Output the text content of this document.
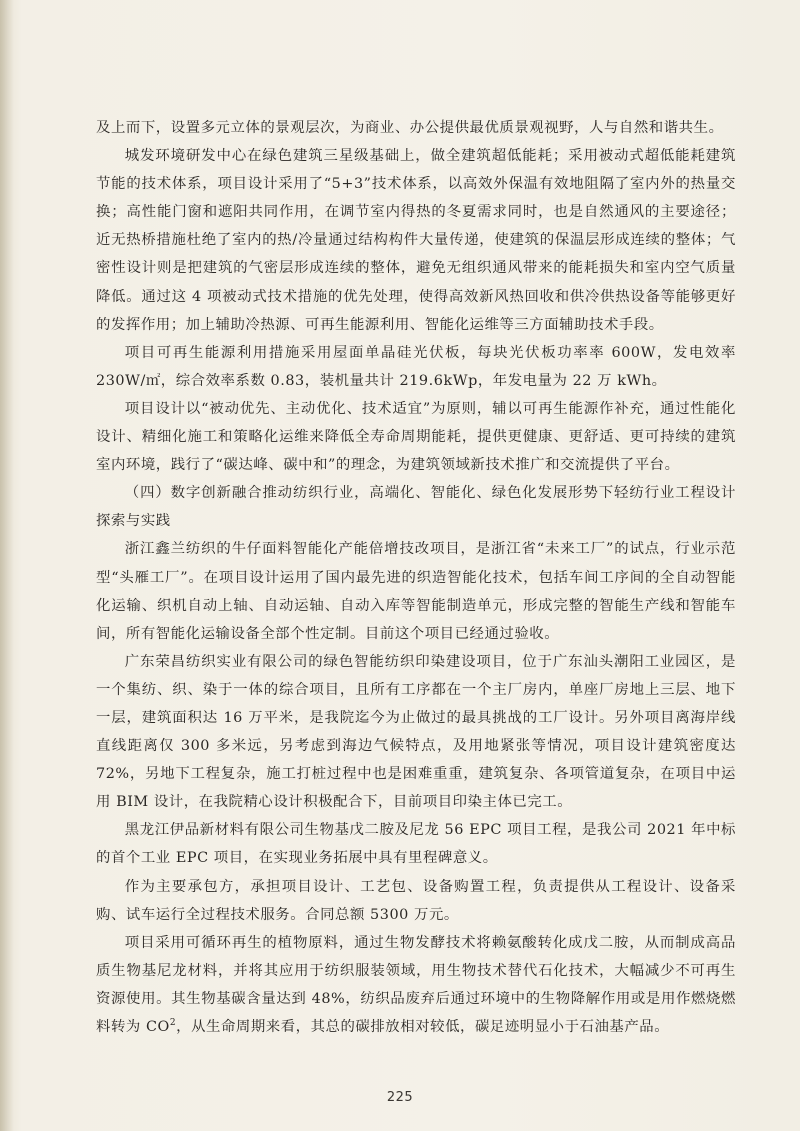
及上而下，设置多元立体的景观层次，为商业、办公提供最优质景观视野，人与自然和谐共生。

城发环境研发中心在绿色建筑三星级基础上，做全建筑超低能耗；采用被动式超低能耗建筑节能的技术体系，项目设计采用了“5+3”技术体系，以高效外保温有效地阻隔了室内外的热量交换；高性能门窗和遮阳共同作用，在调节室内得热的冬夏需求同时，也是自然通风的主要途径；近无热桥措施杜绝了室内的热/冷量通过结构构件大量传递，使建筑的保温层形成连续的整体；气密性设计则是把建筑的气密层形成连续的整体，避免无组织通风带来的能耗损失和室内空气质量降低。通过这 4 项被动式技术措施的优先处理，使得高效新风热回收和供冷供热设备等能够更好的发挥作用；加上辅助冷热源、可再生能源利用、智能化运维等三方面辅助技术手段。

项目可再生能源利用措施采用屋面单晶硅光伏板，每块光伏板功率率 600W，发电效率 230W/㎡，综合效率系数 0.83，装机量共计 219.6kWp，年发电量为 22 万 kWh。

项目设计以“被动优先、主动优化、技术适宜”为原则，辅以可再生能源作补充，通过性能化设计、精细化施工和策略化运维来降低全寿命周期能耗，提供更健康、更舒适、更可持续的建筑室内环境，践行了“碳达峰、碳中和”的理念，为建筑领域新技术推广和交流提供了平台。

（四）数字创新融合推动纺织行业，高端化、智能化、绿色化发展形势下轻纺行业工程设计探索与实践

浙江鑫兰纺织的牛仔面料智能化产能倍增技改项目，是浙江省“未来工厂”的试点，行业示范型“头雁工厂”。在项目设计运用了国内最先进的织造智能化技术，包括车间工序间的全自动智能化运输、织机自动上轴、自动运轴、自动入库等智能制造单元，形成完整的智能生产线和智能车间，所有智能化运输设备全部个性定制。目前这个项目已经通过验收。

广东荣昌纺织实业有限公司的绿色智能纺织印染建设项目，位于广东汕头潮阳工业园区，是一个集纺、织、染于一体的综合项目，且所有工序都在一个主厂房内，单座厂房地上三层、地下一层，建筑面积达 16 万平米，是我院迄今为止做过的最具挑战的工厂设计。另外项目离海岸线直线距离仅 300 多米远，另考虑到海边气候特点，及用地紧张等情况，项目设计建筑密度达 72%，另地下工程复杂，施工打桩过程中也是困难重重，建筑复杂、各项管道复杂，在项目中运用 BIM 设计，在我院精心设计积极配合下，目前项目印染主体已完工。

黑龙江伊品新材料有限公司生物基戊二胺及尼龙 56 EPC 项目工程，是我公司 2021 年中标的首个工业 EPC 项目，在实现业务拓展中具有里程碑意义。

作为主要承包方，承担项目设计、工艺包、设备购置工程，负责提供从工程设计、设备采购、试车运行全过程技术服务。合同总额 5300 万元。

项目采用可循环再生的植物原料，通过生物发酵技术将赖氨酸转化成戊二胺，从而制成高品质生物基尼龙材料，并将其应用于纺织服装领域，用生物技术替代石化技术，大幅减少不可再生资源使用。其生物基碳含量达到 48%，纺织品废弃后通过环境中的生物降解作用或是用作燃烧燃料转为 $CO^2$，从生命周期来看，其总的碳排放相对较低，碳足迹明显小于石油基产品。

225
